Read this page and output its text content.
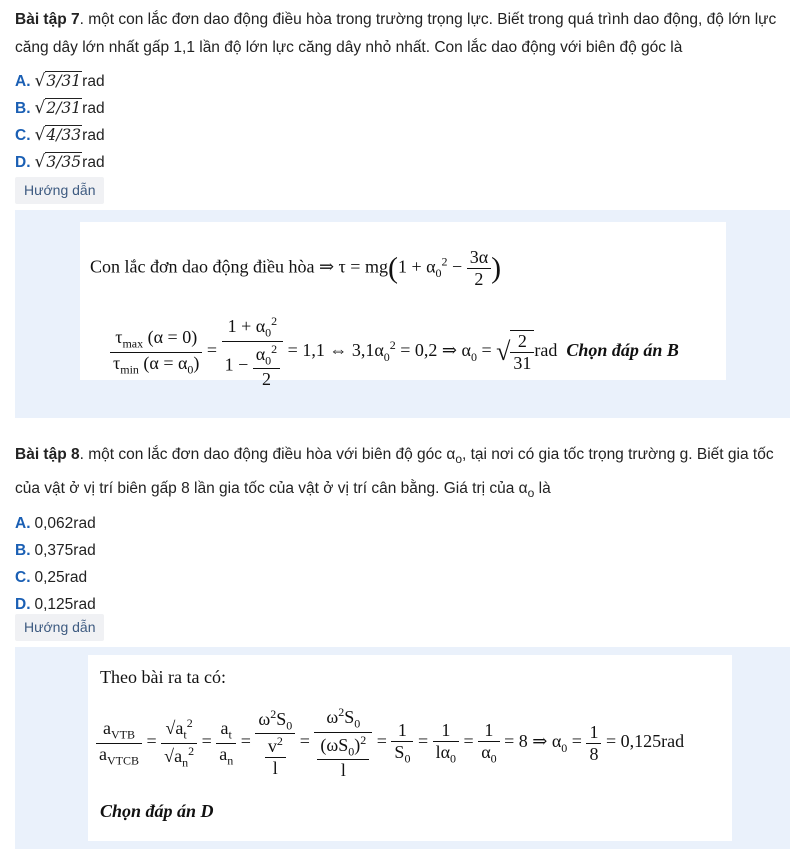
Bài tập 7. một con lắc đơn dao động điều hòa trong trường trọng lực. Biết trong quá trình dao động, độ lớn lực căng dây lớn nhất gấp 1,1 lần độ lớn lực căng dây nhỏ nhất. Con lắc dao động với biên độ góc là

A. √3/31rad
B. √2/31rad
C. √4/33rad
D. √3/35rad
Hướng dẫn
Con lắc đơn dao động điều hòa ⇒ $\tau = mg(1 + \alpha_0^2 - \frac{3\alpha}{2}$ )
$\frac{\tau_{max} (\alpha = 0)}{\tau_{min} (\alpha = \alpha_0)} = \frac{1 + \alpha_0^2}{1 - \frac{\alpha_0^2}{2}} = 1,1$ ⇔ $3,1\alpha_0^2 = 0,2$ ⇒ $\alpha_0$ = √ $\frac{2}{31}$ rad Chọn đáp án B

Bài tập 8. một con lắc đơn dao động điều hòa với biên độ góc $\alpha_o$, tại nơi có gia tốc trọng trường g. Biết gia tốc của vật ở vị trí biên gấp 8 lần gia tốc của vật ở vị trí cân bằng. Giá trị của $\alpha_o$ là

A. 0,062rad
B. 0,375rad
C. 0,25rad
D. 0,125rad
Hướng dẫn
Theo bài ra ta có:
$\frac{a_{VTB}}{a_{VTCB}} = \frac{√a_t^2}{√a_n^2} = \frac{a_t}{a_n} = \frac{\omega^2S_0}{\frac{v^2}{l}} = \frac{\omega^2S_0}{\frac{(\omega S_0)^2}{l}} = \frac{1}{S_0} = \frac{1}{l\alpha_0} = \frac{1}{\alpha_0} = 8$ ⇒ $\alpha_0 = \frac{1}{8} = 0,125rad$
Chọn đáp án D
